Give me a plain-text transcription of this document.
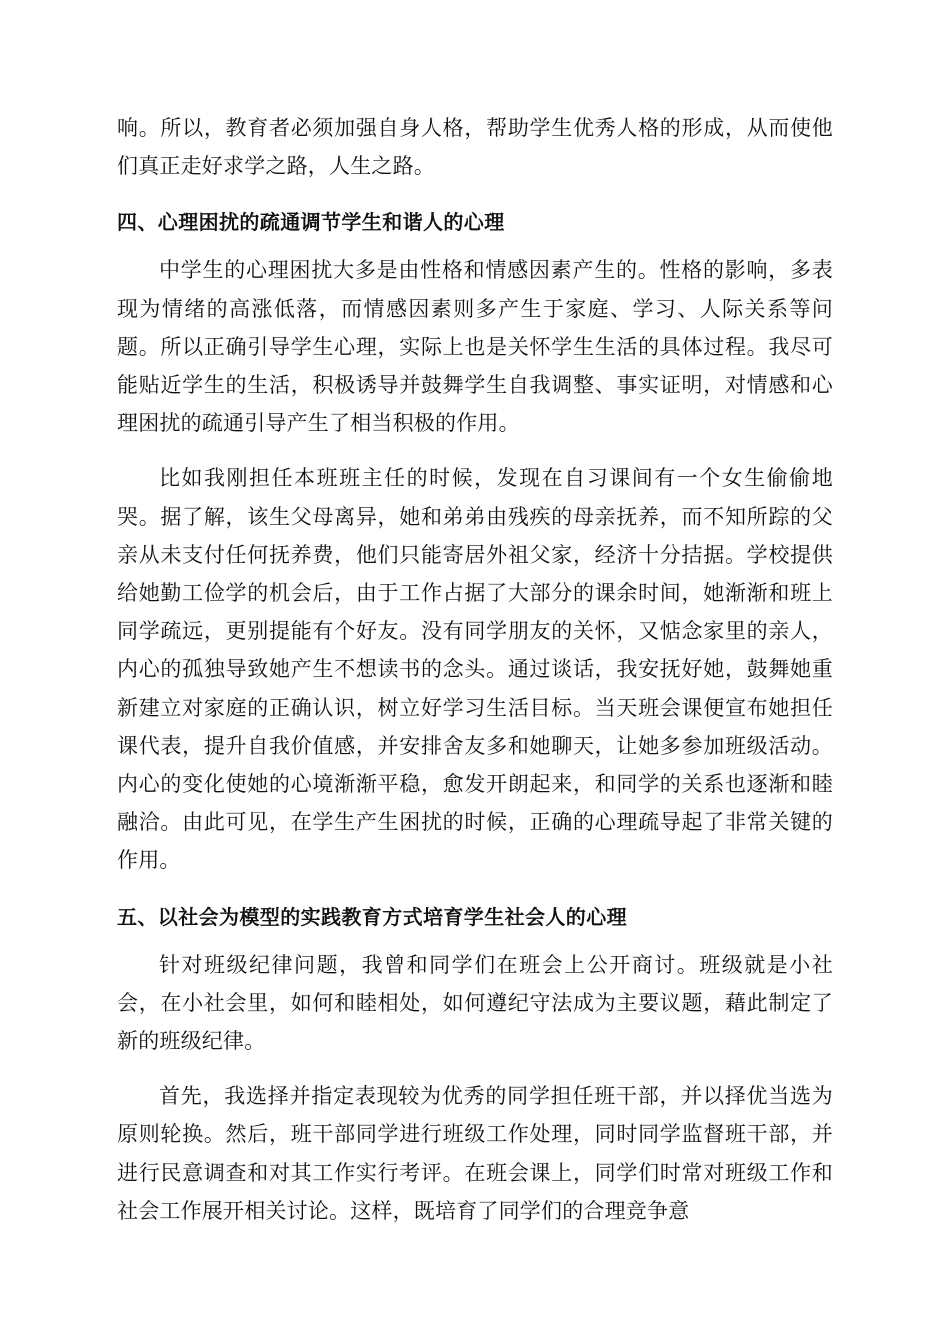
响。所以，教育者必须加强自身人格，帮助学生优秀人格的形成，从而使他们真正走好求学之路，人生之路。

四、心理困扰的疏通调节学生和谐人的心理

中学生的心理困扰大多是由性格和情感因素产生的。性格的影响，多表现为情绪的高涨低落，而情感因素则多产生于家庭、学习、人际关系等问题。所以正确引导学生心理，实际上也是关怀学生生活的具体过程。我尽可能贴近学生的生活，积极诱导并鼓舞学生自我调整、事实证明，对情感和心理困扰的疏通引导产生了相当积极的作用。

比如我刚担任本班班主任的时候，发现在自习课间有一个女生偷偷地哭。据了解，该生父母离异，她和弟弟由残疾的母亲抚养，而不知所踪的父亲从未支付任何抚养费，他们只能寄居外祖父家，经济十分拮据。学校提供给她勤工俭学的机会后，由于工作占据了大部分的课余时间，她渐渐和班上同学疏远，更别提能有个好友。没有同学朋友的关怀，又惦念家里的亲人，内心的孤独导致她产生不想读书的念头。通过谈话，我安抚好她，鼓舞她重新建立对家庭的正确认识，树立好学习生活目标。当天班会课便宣布她担任课代表，提升自我价值感，并安排舍友多和她聊天，让她多参加班级活动。内心的变化使她的心境渐渐平稳，愈发开朗起来，和同学的关系也逐渐和睦融洽。由此可见，在学生产生困扰的时候，正确的心理疏导起了非常关键的作用。

五、以社会为模型的实践教育方式培育学生社会人的心理

针对班级纪律问题，我曾和同学们在班会上公开商讨。班级就是小社会，在小社会里，如何和睦相处，如何遵纪守法成为主要议题，藉此制定了新的班级纪律。

首先，我选择并指定表现较为优秀的同学担任班干部，并以择优当选为原则轮换。然后，班干部同学进行班级工作处理，同时同学监督班干部，并进行民意调查和对其工作实行考评。在班会课上，同学们时常对班级工作和社会工作展开相关讨论。这样，既培育了同学们的合理竞争意
